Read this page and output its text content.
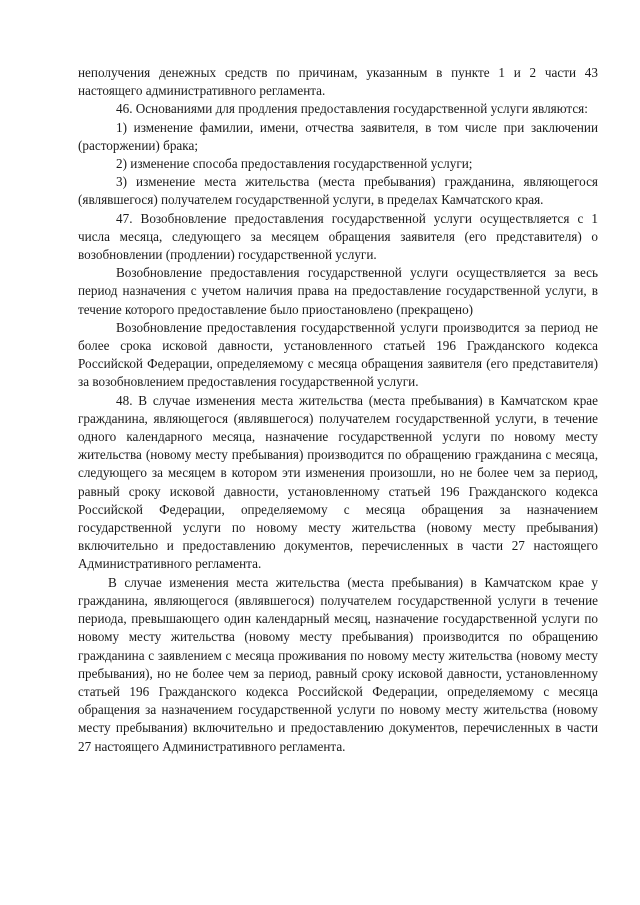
неполучения денежных средств по причинам, указанным в пункте 1 и 2 части 43 настоящего административного регламента.

46. Основаниями для продления предоставления государственной услуги являются:

1) изменение фамилии, имени, отчества заявителя, в том числе при заключении (расторжении) брака;

2) изменение способа предоставления государственной услуги;

3) изменение места жительства (места пребывания) гражданина, являющегося (являвшегося) получателем государственной услуги, в пределах Камчатского края.

47. Возобновление предоставления государственной услуги осуществляется с 1 числа месяца, следующего за месяцем обращения заявителя (его представителя) о возобновлении (продлении) государственной услуги.

Возобновление предоставления государственной услуги осуществляется за весь период назначения с учетом наличия права на предоставление государственной услуги, в течение которого предоставление было приостановлено (прекращено)

Возобновление предоставления государственной услуги производится за период не более срока исковой давности, установленного статьей 196 Гражданского кодекса Российской Федерации, определяемому с месяца обращения заявителя (его представителя) за возобновлением предоставления государственной услуги.

48. В случае изменения места жительства (места пребывания) в Камчатском крае гражданина, являющегося (являвшегося) получателем государственной услуги, в течение одного календарного месяца, назначение государственной услуги по новому месту жительства (новому месту пребывания) производится по обращению гражданина с месяца, следующего за месяцем в котором эти изменения произошли, но не более чем за период, равный сроку исковой давности, установленному статьей 196 Гражданского кодекса Российской Федерации, определяемому с месяца обращения за назначением государственной услуги по новому месту жительства (новому месту пребывания) включительно и предоставлению документов, перечисленных в части 27 настоящего Административного регламента.

В случае изменения места жительства (места пребывания) в Камчатском крае у гражданина, являющегося (являвшегося) получателем государственной услуги в течение периода, превышающего один календарный месяц, назначение государственной услуги по новому месту жительства (новому месту пребывания) производится по обращению гражданина с заявлением с месяца проживания по новому месту жительства (новому месту пребывания), но не более чем за период, равный сроку исковой давности, установленному статьей 196 Гражданского кодекса Российской Федерации, определяемому с месяца обращения за назначением государственной услуги по новому месту жительства (новому месту пребывания) включительно и предоставлению документов, перечисленных в части 27 настоящего Административного регламента.
